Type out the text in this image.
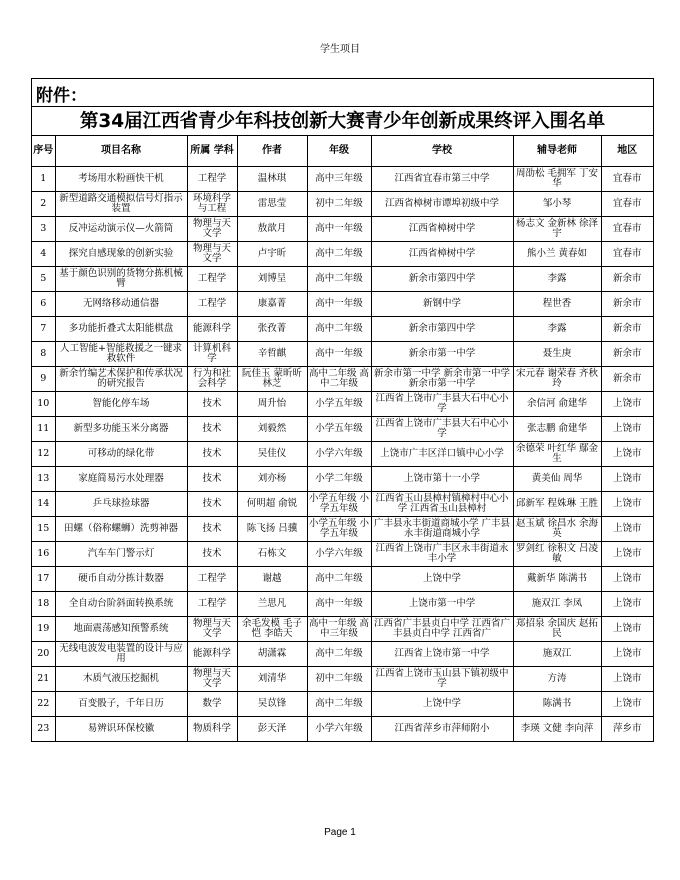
学生项目
附件：
第34届江西省青少年科技创新大赛青少年创新成果终评入围名单
序号	项目名称	所属 学科	作者	年级	学校	辅导老师	地区
1	考场用水粉画快干机	工程学	温林琪	高中三年级	江西省宜春市第三中学	周劭松 毛拥军 丁安华	宜春市
2	新型道路交通模拟信号灯指示装置	环境科学与工程	雷思莹	初中二年级	江西省樟树市谭埠初级中学	邹小琴	宜春市
3	反冲运动演示仪—火箭筒	物理与天文学	敖歆月	高中一年级	江西省樟树中学	杨志文 金新林 徐泽宇	宜春市
4	探究自感现象的创新实验	物理与天文学	卢宇昕	高中二年级	江西省樟树中学	熊小兰 黄春如	宜春市
5	基于颜色识别的货物分拣机械臂	工程学	刘博呈	高中二年级	新余市第四中学	李露	新余市
6	无网络移动通信器	工程学	康嘉菁	高中一年级	新钢中学	程世香	新余市
7	多功能折叠式太阳能棋盘	能源科学	张孜菁	高中二年级	新余市第四中学	李露	新余市
8	人工智能+智能救援之一键求救软件	计算机科学	辛哲麒	高中一年级	新余市第一中学	聂生庚	新余市
9	新余竹编艺术保护和传承状况的研究报告	行为和社会科学	阮佳玉 蒙昕昕 林芝	高中二年级 高中二年级	新余市第一中学 新余市第一中学 新余市第一中学	宋元春 谢荣春 齐秋玲	新余市
10	智能化停车场	技术	周升怡	小学五年级	江西省上饶市广丰县大石中心小学	余信河 俞建华	上饶市
11	新型多功能玉米分离器	技术	刘毅然	小学五年级	江西省上饶市广丰县大石中心小学	张志鹏 俞建华	上饶市
12	可移动的绿化带	技术	吴佳仪	小学六年级	上饶市广丰区洋口镇中心小学	余德荣 叶红华 鄢金生	上饶市
13	家庭简易污水处理器	技术	刘亦杨	小学二年级	上饶市第十一小学	黄美仙 周华	上饶市
14	乒乓球捡球器	技术	何明超 俞锐	小学五年级 小学五年级	江西省玉山县樟村镇樟村中心小学 江西省玉山县樟村	邱新军 程姝琳 王胜	上饶市
15	田螺（俗称螺蛳）洗剪神器	技术	陈飞扬 吕骥	小学五年级 小学五年级	广丰县永丰街道商城小学 广丰县永丰街道商城小学	赵玉斌 徐昌水 余海英	上饶市
16	汽车车门警示灯	技术	石栋文	小学六年级	江西省上饶市广丰区永丰街道永丰小学	罗剑红 徐积文 吕凌敏	上饶市
17	硬币自动分拣计数器	工程学	谢越	高中二年级	上饶中学	戴新华 陈满书	上饶市
18	全自动台阶斜面转换系统	工程学	兰思凡	高中一年级	上饶市第一中学	施双江 李凤	上饶市
19	地面震荡感知预警系统	物理与天文学	余毛发模 毛子恺 李皓天	高中一年级 高中三年级	江西省广丰县贞白中学 江西省广丰县贞白中学 江西省广	郑招泉 余国庆 赵拓民	上饶市
20	无线电波发电装置的设计与应用	能源科学	胡潇霖	高中二年级	江西省上饶市第一中学	施双江	上饶市
21	木质气液压挖掘机	物理与天文学	刘清华	初中二年级	江西省上饶市玉山县下镇初级中学	方涛	上饶市
22	百变骰子，千年日历	数学	吴苡锋	高中二年级	上饶中学	陈满书	上饶市
23	易辨识环保校徽	物质科学	彭天泽	小学六年级	江西省萍乡市萍师附小	李瑛 文健 李向萍	萍乡市
Page 1
